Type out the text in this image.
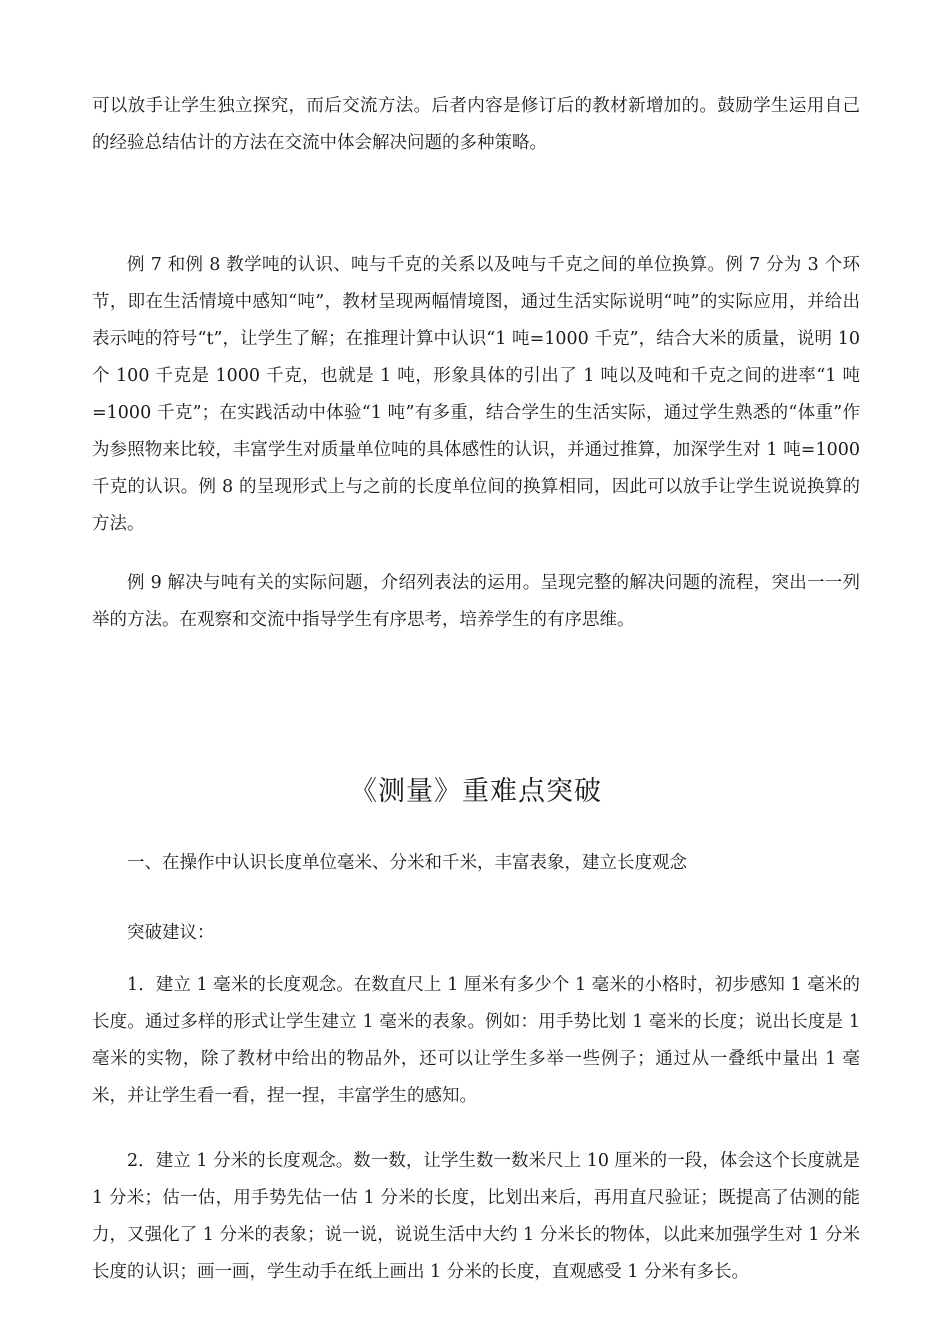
可以放手让学生独立探究，而后交流方法。后者内容是修订后的教材新增加的。鼓励学生运用自己的经验总结估计的方法在交流中体会解决问题的多种策略。

例 7 和例 8 教学吨的认识、吨与千克的关系以及吨与千克之间的单位换算。例 7 分为 3 个环节，即在生活情境中感知“吨”，教材呈现两幅情境图，通过生活实际说明“吨”的实际应用，并给出表示吨的符号“t”，让学生了解；在推理计算中认识“1 吨=1000 千克”，结合大米的质量，说明 10 个 100 千克是 1000 千克，也就是 1 吨，形象具体的引出了 1 吨以及吨和千克之间的进率“1 吨=1000 千克”；在实践活动中体验“1 吨”有多重，结合学生的生活实际，通过学生熟悉的“体重”作为参照物来比较，丰富学生对质量单位吨的具体感性的认识，并通过推算，加深学生对 1 吨=1000 千克的认识。例 8 的呈现形式上与之前的长度单位间的换算相同，因此可以放手让学生说说换算的方法。

例 9 解决与吨有关的实际问题，介绍列表法的运用。呈现完整的解决问题的流程，突出一一列举的方法。在观察和交流中指导学生有序思考，培养学生的有序思维。

《测量》重难点突破

一、在操作中认识长度单位毫米、分米和千米，丰富表象，建立长度观念

突破建议：

1．建立 1 毫米的长度观念。在数直尺上 1 厘米有多少个 1 毫米的小格时，初步感知 1 毫米的长度。通过多样的形式让学生建立 1 毫米的表象。例如：用手势比划 1 毫米的长度；说出长度是 1 毫米的实物，除了教材中给出的物品外，还可以让学生多举一些例子；通过从一叠纸中量出 1 毫米，并让学生看一看，捏一捏，丰富学生的感知。

2．建立 1 分米的长度观念。数一数，让学生数一数米尺上 10 厘米的一段，体会这个长度就是 1 分米；估一估，用手势先估一估 1 分米的长度，比划出来后，再用直尺验证；既提高了估测的能力，又强化了 1 分米的表象；说一说，说说生活中大约 1 分米长的物体，以此来加强学生对 1 分米长度的认识；画一画，学生动手在纸上画出 1 分米的长度，直观感受 1 分米有多长。
